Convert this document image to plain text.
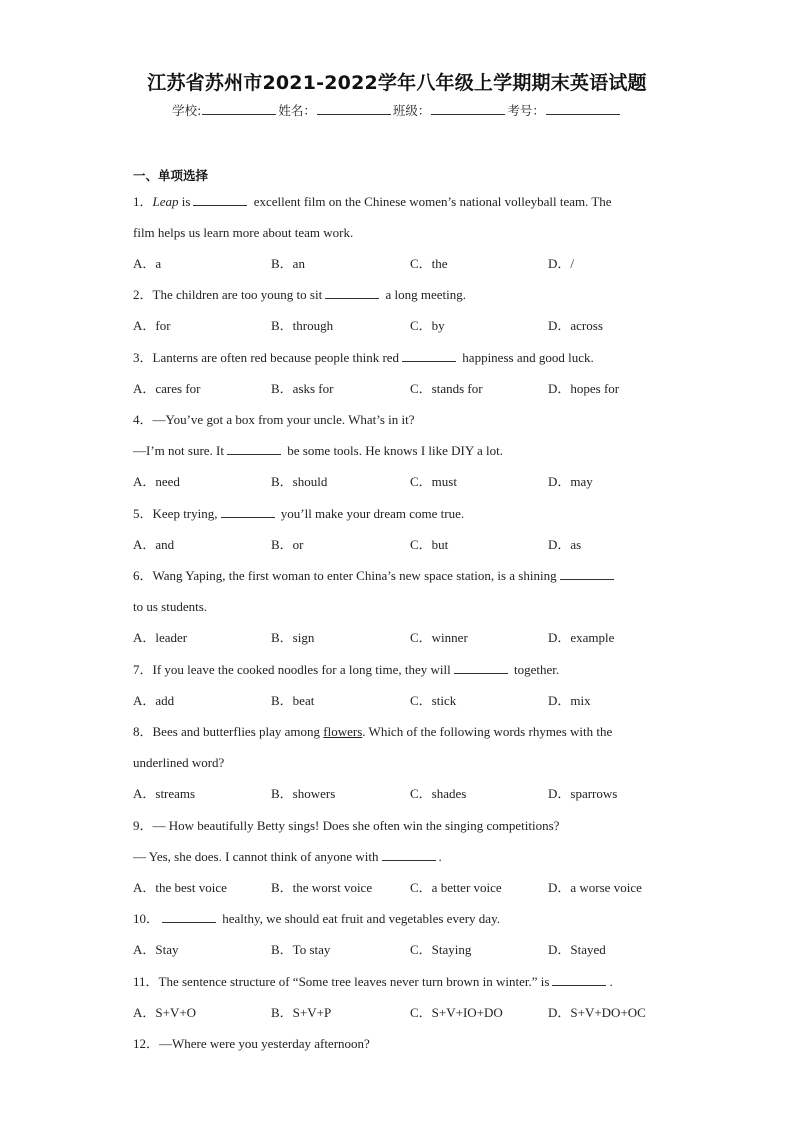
江苏省苏州市2021-2022学年八年级上学期期末英语试题
学校:	姓名：	班级：	考号：
一、单项选择
1．Leap is	excellent film on the Chinese women’s national volleyball team. The
film helps us learn more about team work.
A．a	B．an	C．the	D．/
2．The children are too young to sit	a long meeting.
A．for	B．through	C．by	D．across
3．Lanterns are often red because people think red	happiness and good luck.
A．cares for	B．asks for	C．stands for	D．hopes for
4．—You’ve got a box from your uncle. What’s in it?
—I’m not sure. It	be some tools. He knows I like DIY a lot.
A．need	B．should	C．must	D．may
5．Keep trying,	you’ll make your dream come true.
A．and	B．or	C．but	D．as
6．Wang Yaping, the first woman to enter China’s new space station, is a shining
to us students.
A．leader	B．sign	C．winner	D．example
7．If you leave the cooked noodles for a long time, they will	together.
A．add	B．beat	C．stick	D．mix
8．Bees and butterflies play among flowers. Which of the following words rhymes with the
underlined word?
A．streams	B．showers	C．shades	D．sparrows
9．— How beautifully Betty sings! Does she often win the singing competitions?
— Yes, she does. I cannot think of anyone with	.
A．the best voice	B．the worst voice	C．a better voice	D．a worse voice
10．	healthy, we should eat fruit and vegetables every day.
A．Stay	B．To stay	C．Staying	D．Stayed
11．The sentence structure of “Some tree leaves never turn brown in winter.” is	.
A．S+V+O	B．S+V+P	C．S+V+IO+DO	D．S+V+DO+OC
12．—Where were you yesterday afternoon?
